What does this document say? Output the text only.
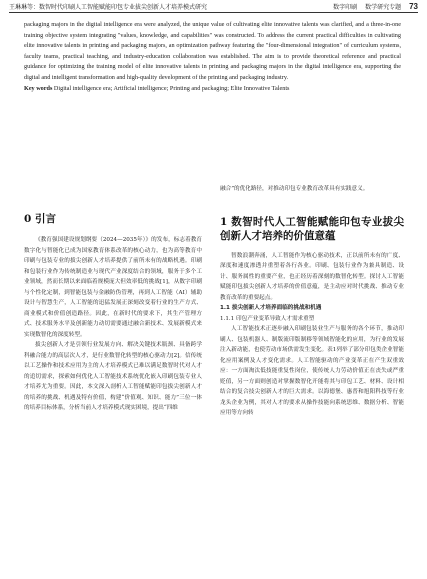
王琳琳等：数智时代印刷人工智能赋能印包专业拔尖创新人才培养模式研究	数字印刷 数学研究专题 73
packaging majors in the digital intelligence era were analyzed, the unique value of cultivating elite innovative talents was clarified, and a three-in-one training objective system integrating "values, knowledge, and capabilities" was constructed. To address the current practical difficulties in cultivating elite innovative talents in printing and packaging majors, an optimization pathway featuring the "four-dimensional integration" of curriculum systems, faculty teams, practical teaching, and industry-education collaboration was established. The aim is to provide theoretical reference and practical guidance for optimizing the training model of elite innovative talents in printing and packaging majors in the digital intelligence era, supporting the digital and intelligent transformation and high-quality development of the printing and packaging industry.
Key words Digital intelligence era; Artificial intelligence; Printing and packaging; Elite Innovative Talents
0 引言

《教育强国建设规划纲要（2024—2035年）》的发布，标志着教育数字化与智能化已成为国家教育体系改革的核心动力，也为高等教育中印刷与包装专业的拔尖创新人才培养提供了前所未有的战略机遇。印刷和包装行业作为传统制造业与现代产业深度结合的领域，服务于多个工业领域，然而长期以来面临着规模庞大但效率低的挑战[1]，从数字印刷与个性化定制，到智能包装与金融防伪管理，再到人工智能（AI）辅助设计与智慧生产，人工智能的迅猛发展正深刻改变着行业的生产方式、商业模式和价值创造路径。因此，在新时代的要求下，其生产管理方式、技术服务水平及创新能力动切需要通过融合新技术、发展新模式来实现数智化的深度转型。

拔尖创新人才是引领行业发展方向、解决关键技术瓶颈、具备跨学科融合能力的高层次人才，是行业数智化转型的核心驱动力[2]。信传统以工艺操作和技术应用为主的人才培养模式已难以满足数智时代对人才的追切需求，探索如何优化人工智能技术系统优化嵌入印刷包装专业人才培养尤为重要。因此，本文深入剖析人工智能赋能印包拔尖创新人才的培养的挑战、机遇及特有价值，构建“价值观、知识、能力”三位一体的培养目标体系，分析当前人才培养模式现实困境，提出“四维

融合”的优化路径，对推动印包专业教育改革具有实践意义。

1 数智时代人工智能赋能印包专业拔尖创新人才培养的价值意蕴

智数浪潮奔涌，人工智能作为核心驱动技术，正以前所未有的广度、深度和速度渗透并重塑着各行各业。印刷、包装行业作为兼具制造、设计、服务属性的重要产业，也正经历着深刻的数智化转型。探讨人工智能赋能印包拔尖创新人才培养的价值意蕴，是主动应对时代挑战、推动专业教育改革的重要起点。

1.1 拔尖创新人才培养面临的挑战和机遇

1.1.1 印包产业变革导致人才需求重塑

人工智能技术正逐步融入印刷包装业生产与服务的各个环节，推动印刷人、包装机器人、制版流印版制移等领域智能化的应用，为行业的发展注入新动能，也使劳动市场供需发生变化。表1列举了部分印包类企业智能化应用案例及人才变化需求。人工智能驱动的产业变革正在产生双重效应：一方面淘汰低技能重复性岗位，使传统人力劳动价值正在丧失或严重贬值，另一方面则创造对掌握数智化开能将其与印包工艺、材料、设计相结合的复合技尖创新人才的巨大需求。以海德堡、惠普和旭阳科技等行业龙头企业为例，其对人才的要求从操作技能向系统思维、数据分析、智能应用等方向转
